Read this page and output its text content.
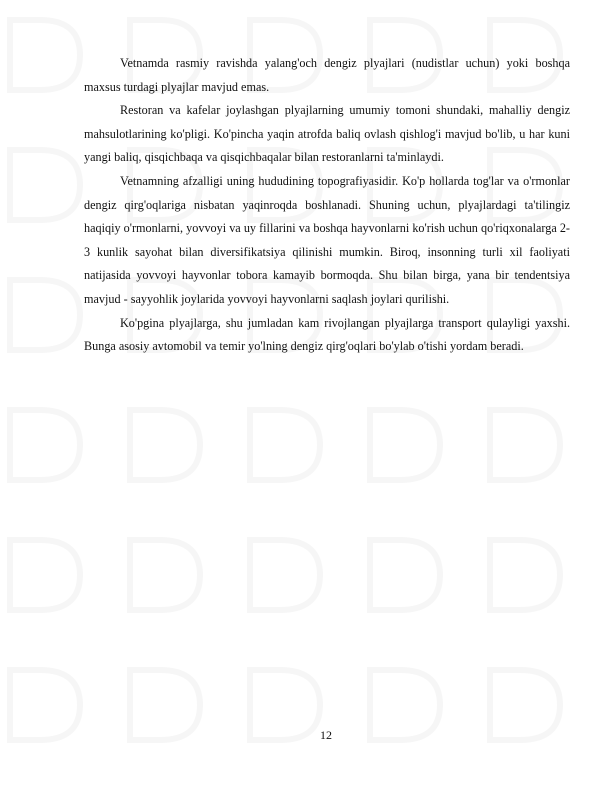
Vetnamda rasmiy ravishda yalang'och dengiz plyajlari (nudistlar uchun) yoki boshqa maxsus turdagi plyajlar mavjud emas.

Restoran va kafelar joylashgan plyajlarning umumiy tomoni shundaki, mahalliy dengiz mahsulotlarining ko'pligi. Ko'pincha yaqin atrofda baliq ovlash qishlog'i mavjud bo'lib, u har kuni yangi baliq, qisqichbaqa va qisqichbaqalar bilan restoranlarni ta'minlaydi.

Vetnamning afzalligi uning hududining topografiyasidir. Ko'p hollarda tog'lar va o'rmonlar dengiz qirg'oqlariga nisbatan yaqinroqda boshlanadi. Shuning uchun, plyajlardagi ta'tilingiz haqiqiy o'rmonlarni, yovvoyi va uy fillarini va boshqa hayvonlarni ko'rish uchun qo'riqxonalarga 2-3 kunlik sayohat bilan diversifikatsiya qilinishi mumkin. Biroq, insonning turli xil faoliyati natijasida yovvoyi hayvonlar tobora kamayib bormoqda. Shu bilan birga, yana bir tendentsiya mavjud - sayyohlik joylarida yovvoyi hayvonlarni saqlash joylari qurilishi.

Ko'pgina plyajlarga, shu jumladan kam rivojlangan plyajlarga transport qulayligi yaxshi. Bunga asosiy avtomobil va temir yo'lning dengiz qirg'oqlari bo'ylab o'tishi yordam beradi.

12
